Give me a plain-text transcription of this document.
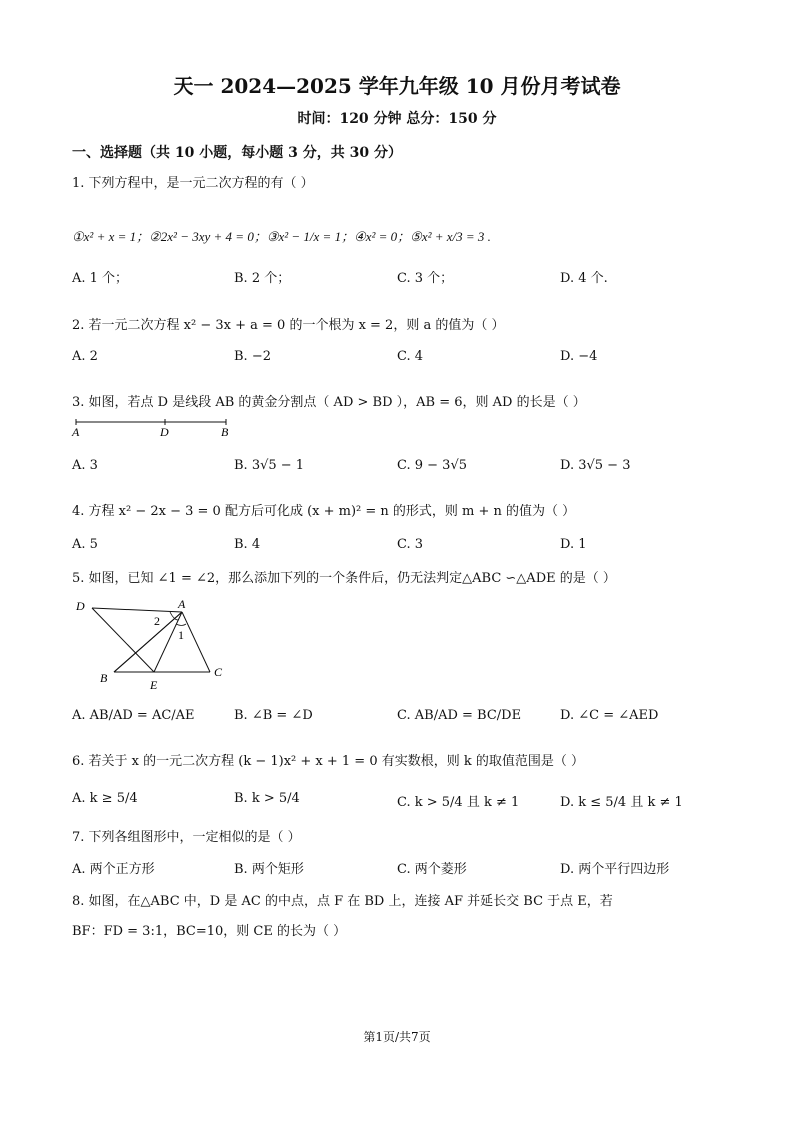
天一 2024—2025 学年九年级 10 月份月考试卷
时间：120 分钟 总分：150 分
一、选择题（共 10 小题，每小题 3 分，共 30 分）
1. 下列方程中，是一元二次方程的有（ ）
①x² + x = 1；②2x² − 3xy + 4 = 0；③x² − 1/x = 1；④x² = 0；⑤x² + x/3 = 3 .
A. 1 个；	B. 2 个；	C. 3 个；	D. 4 个.
2. 若一元二次方程 x² − 3x + a = 0 的一个根为 x = 2，则 a 的值为（ ）
A. 2	B. −2	C. 4	D. −4
3. 如图，若点 D 是线段 AB 的黄金分割点（ AD > BD ），AB = 6，则 AD 的长是（ ）
A	D	B
A. 3	B. 3√5 − 1	C. 9 − 3√5	D. 3√5 − 3
4. 方程 x² − 2x − 3 = 0 配方后可化成 (x + m)² = n 的形式，则 m + n 的值为（ ）
A. 5	B. 4	C. 3	D. 1
5. 如图，已知 ∠1 = ∠2，那么添加下列的一个条件后，仍无法判定△ABC ∽△ADE 的是（ ）
D	A
2
1
B	E
C
A. AB/AD = AC/AE	B. ∠B = ∠D	C. AB/AD = BC/DE	D. ∠C = ∠AED
6. 若关于 x 的一元二次方程 (k − 1)x² + x + 1 = 0 有实数根，则 k 的取值范围是（ ）
A. k ≥ 5/4	B. k > 5/4	C. k > 5/4 且 k ≠ 1	D. k ≤ 5/4 且 k ≠ 1
7. 下列各组图形中，一定相似的是（ ）
A. 两个正方形	B. 两个矩形	C. 两个菱形	D. 两个平行四边形
8. 如图，在△ABC 中，D 是 AC 的中点，点 F 在 BD 上，连接 AF 并延长交 BC 于点 E，若
BF：FD = 3:1，BC=10，则 CE 的长为（ ）
第1页/共7页
